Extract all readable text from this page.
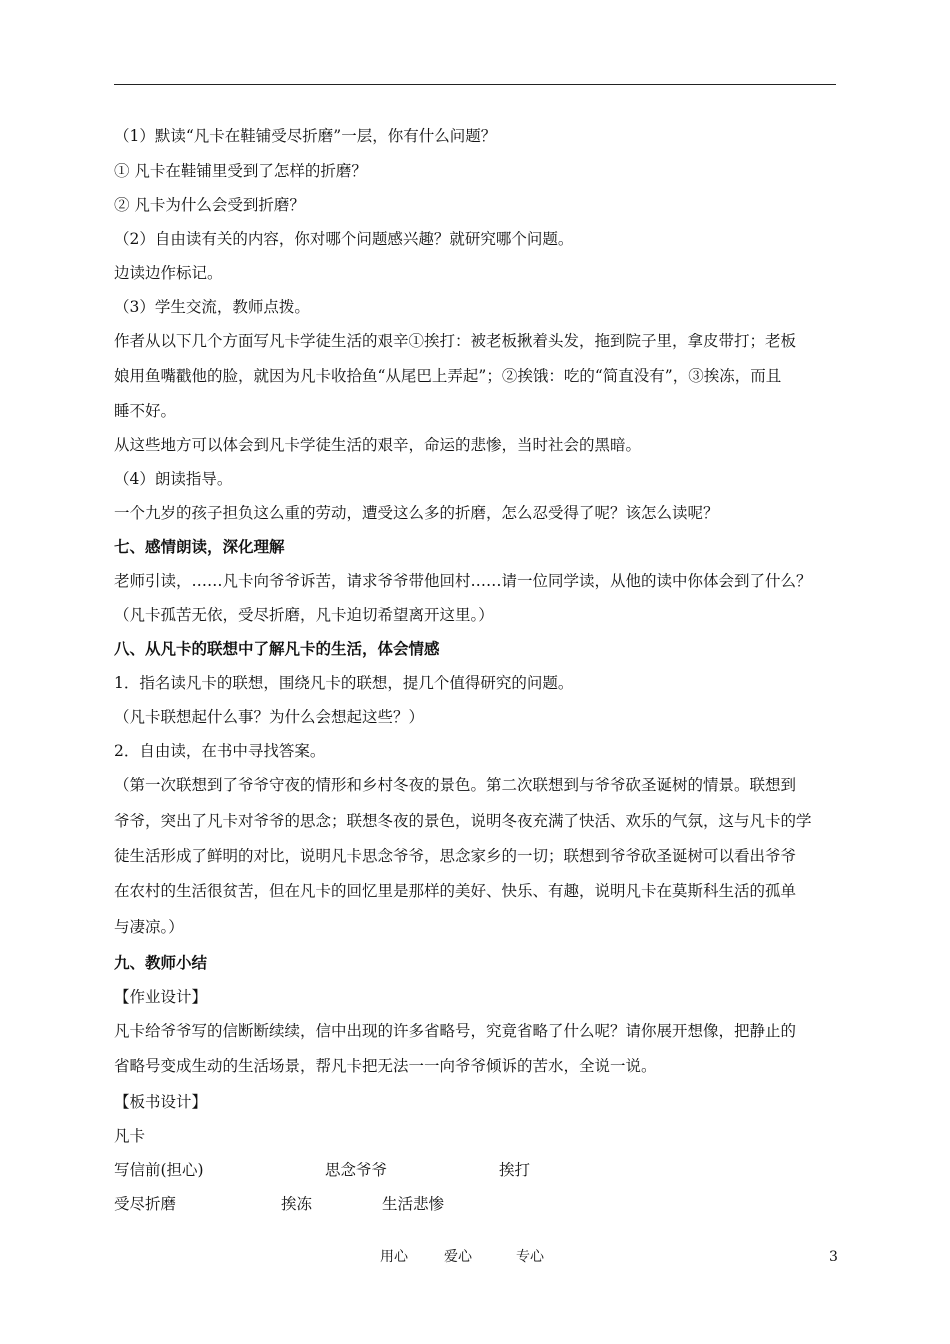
（1）默读“凡卡在鞋铺受尽折磨”一层，你有什么问题？
① 凡卡在鞋铺里受到了怎样的折磨？
② 凡卡为什么会受到折磨？
（2）自由读有关的内容，你对哪个问题感兴趣？就研究哪个问题。
边读边作标记。
（3）学生交流，教师点拨。
作者从以下几个方面写凡卡学徒生活的艰辛①挨打：被老板揪着头发，拖到院子里，拿皮带打；老板
娘用鱼嘴戳他的脸，就因为凡卡收拾鱼“从尾巴上弄起”；②挨饿：吃的“简直没有”，③挨冻，而且
睡不好。
从这些地方可以体会到凡卡学徒生活的艰辛，命运的悲惨，当时社会的黑暗。
（4）朗读指导。
一个九岁的孩子担负这么重的劳动，遭受这么多的折磨，怎么忍受得了呢？该怎么读呢？
七、感情朗读，深化理解
老师引读，……凡卡向爷爷诉苦，请求爷爷带他回村……请一位同学读，从他的读中你体会到了什么？
（凡卡孤苦无依，受尽折磨，凡卡迫切希望离开这里。）
八、从凡卡的联想中了解凡卡的生活，体会情感
1．指名读凡卡的联想，围绕凡卡的联想，提几个值得研究的问题。
（凡卡联想起什么事？为什么会想起这些？）
2．自由读，在书中寻找答案。
（第一次联想到了爷爷守夜的情形和乡村冬夜的景色。第二次联想到与爷爷砍圣诞树的情景。联想到
爷爷，突出了凡卡对爷爷的思念；联想冬夜的景色，说明冬夜充满了快活、欢乐的气氛，这与凡卡的学
徒生活形成了鲜明的对比，说明凡卡思念爷爷，思念家乡的一切；联想到爷爷砍圣诞树可以看出爷爷
在农村的生活很贫苦，但在凡卡的回忆里是那样的美好、快乐、有趣，说明凡卡在莫斯科生活的孤单
与凄凉。）
九、教师小结
【作业设计】
凡卡给爷爷写的信断断续续，信中出现的许多省略号，究竟省略了什么呢？请你展开想像，把静止的
省略号变成生动的生活场景，帮凡卡把无法一一向爷爷倾诉的苦水，全说一说。
【板书设计】
凡卡
写信前(担心)	思念爷爷	挨打
受尽折磨	挨冻	生活悲惨
用心	爱心	专心	3
